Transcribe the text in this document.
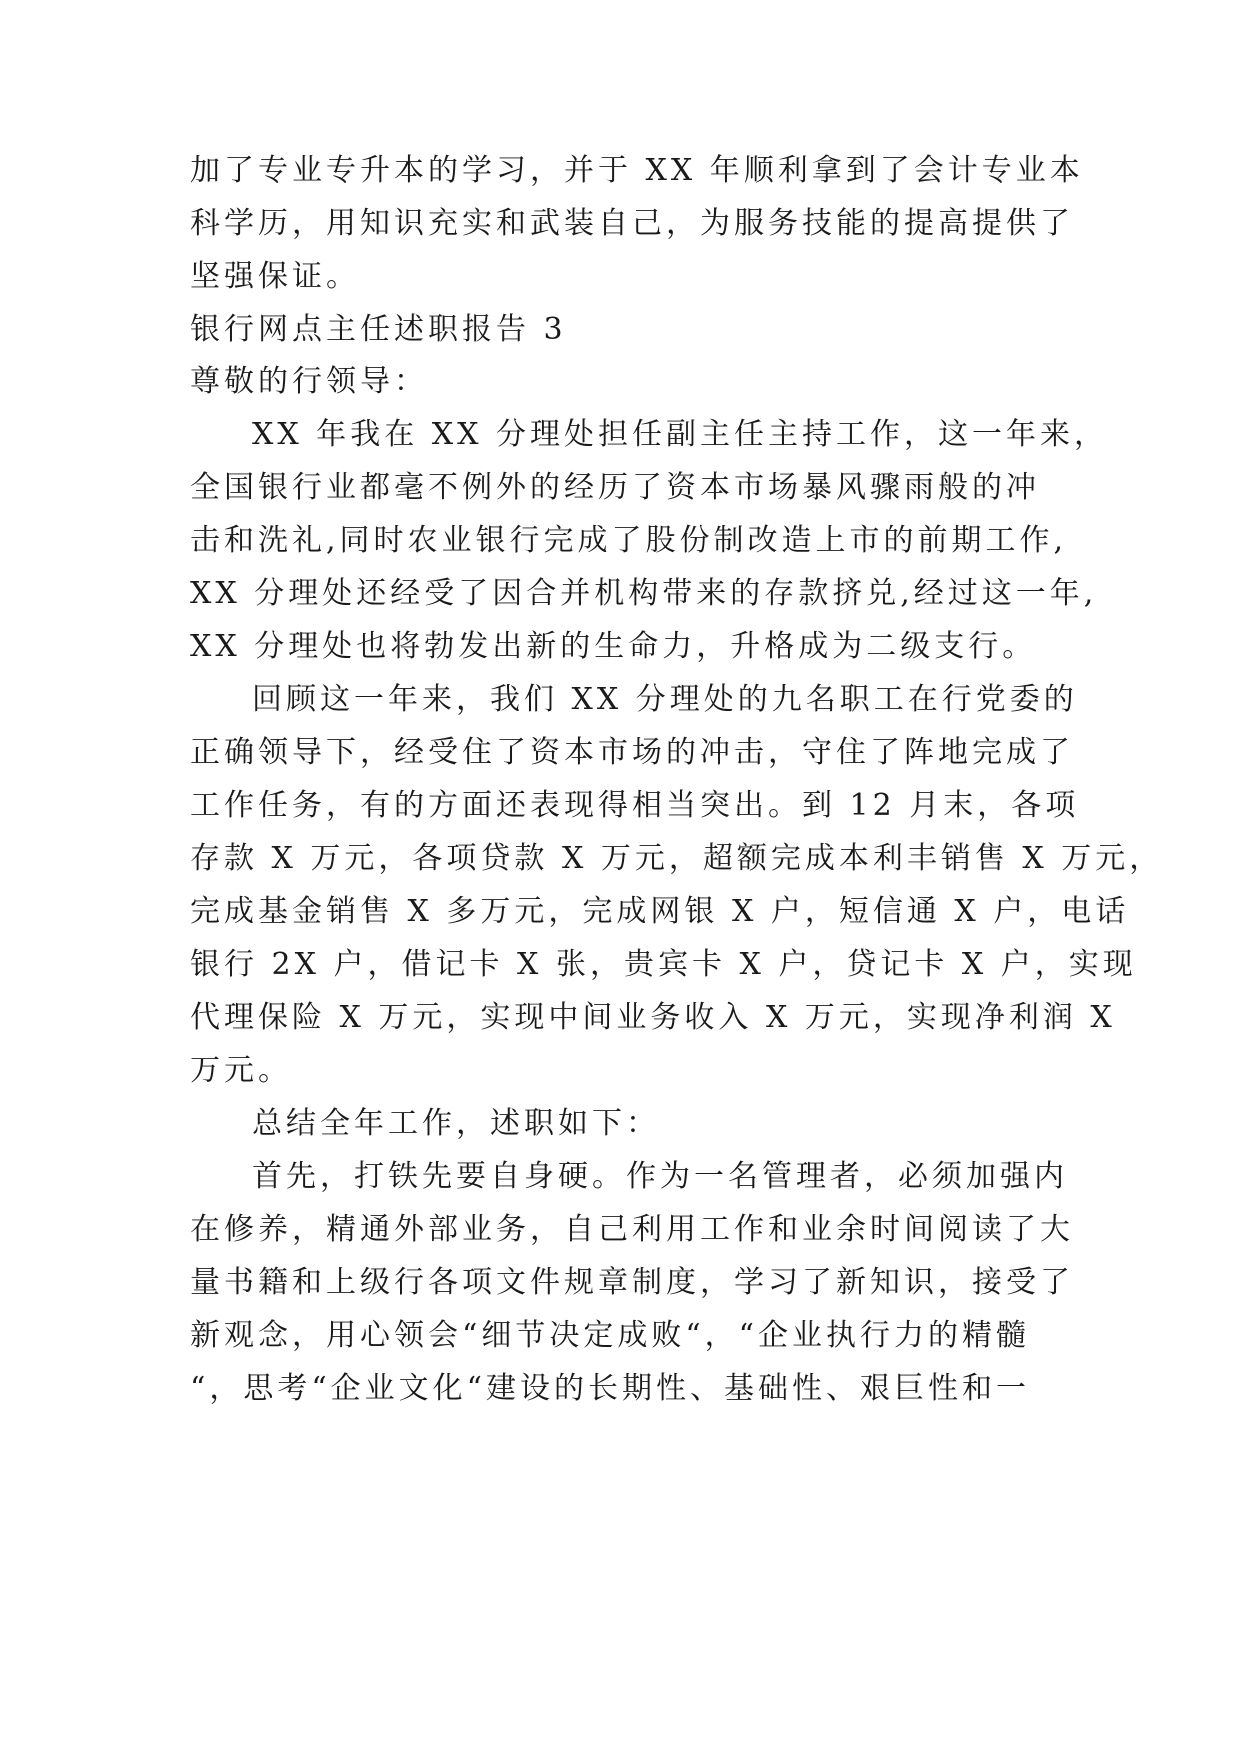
加了专业专升本的学习，并于 XX 年顺利拿到了会计专业本

科学历，用知识充实和武装自己，为服务技能的提高提供了

坚强保证。

银行网点主任述职报告 3

尊敬的行领导：

XX 年我在 XX 分理处担任副主任主持工作，这一年来，

全国银行业都毫不例外的经历了资本市场暴风骤雨般的冲

击和洗礼,同时农业银行完成了股份制改造上市的前期工作,

XX 分理处还经受了因合并机构带来的存款挤兑,经过这一年,

XX 分理处也将勃发出新的生命力，升格成为二级支行。

回顾这一年来，我们 XX 分理处的九名职工在行党委的

正确领导下，经受住了资本市场的冲击，守住了阵地完成了

工作任务，有的方面还表现得相当突出。到 12 月末，各项

存款 X 万元，各项贷款 X 万元，超额完成本利丰销售 X 万元，

完成基金销售 X 多万元，完成网银 X 户，短信通 X 户，电话

银行 2X 户，借记卡 X 张，贵宾卡 X 户，贷记卡 X 户，实现

代理保险 X 万元，实现中间业务收入 X 万元，实现净利润 X

万元。

总结全年工作，述职如下：

首先，打铁先要自身硬。作为一名管理者，必须加强内

在修养，精通外部业务，自己利用工作和业余时间阅读了大

量书籍和上级行各项文件规章制度，学习了新知识，接受了

新观念，用心领会“细节决定成败“，“企业执行力的精髓

“，思考“企业文化“建设的长期性、基础性、艰巨性和一
